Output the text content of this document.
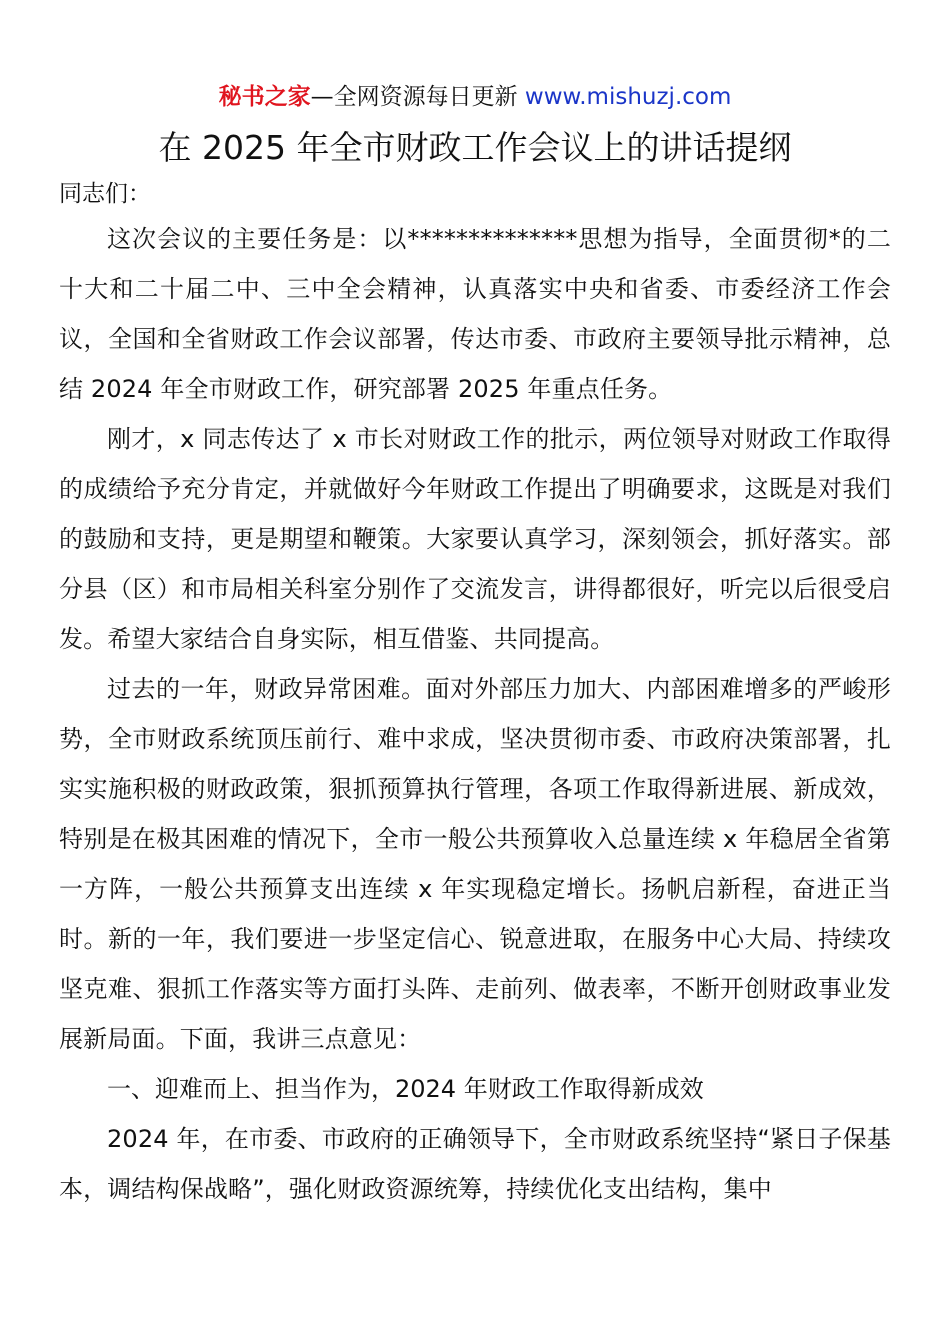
秘书之家—全网资源每日更新 www.mishuzj.com
在 2025 年全市财政工作会议上的讲话提纲

同志们：

这次会议的主要任务是：以**************思想为指导，全面贯彻*的二十大和二十届二中、三中全会精神，认真落实中央和省委、市委经济工作会议，全国和全省财政工作会议部署，传达市委、市政府主要领导批示精神，总结 2024 年全市财政工作，研究部署 2025 年重点任务。

刚才，x 同志传达了 x 市长对财政工作的批示，两位领导对财政工作取得的成绩给予充分肯定，并就做好今年财政工作提出了明确要求，这既是对我们的鼓励和支持，更是期望和鞭策。大家要认真学习，深刻领会，抓好落实。部分县（区）和市局相关科室分别作了交流发言，讲得都很好，听完以后很受启发。希望大家结合自身实际，相互借鉴、共同提高。

过去的一年，财政异常困难。面对外部压力加大、内部困难增多的严峻形势，全市财政系统顶压前行、难中求成，坚决贯彻市委、市政府决策部署，扎实实施积极的财政政策，狠抓预算执行管理，各项工作取得新进展、新成效，特别是在极其困难的情况下，全市一般公共预算收入总量连续 x 年稳居全省第一方阵，一般公共预算支出连续 x 年实现稳定增长。扬帆启新程，奋进正当时。新的一年，我们要进一步坚定信心、锐意进取，在服务中心大局、持续攻坚克难、狠抓工作落实等方面打头阵、走前列、做表率，不断开创财政事业发展新局面。下面，我讲三点意见：

一、迎难而上、担当作为，2024 年财政工作取得新成效

2024 年，在市委、市政府的正确领导下，全市财政系统坚持“紧日子保基本，调结构保战略”，强化财政资源统筹，持续优化支出结构，集中
